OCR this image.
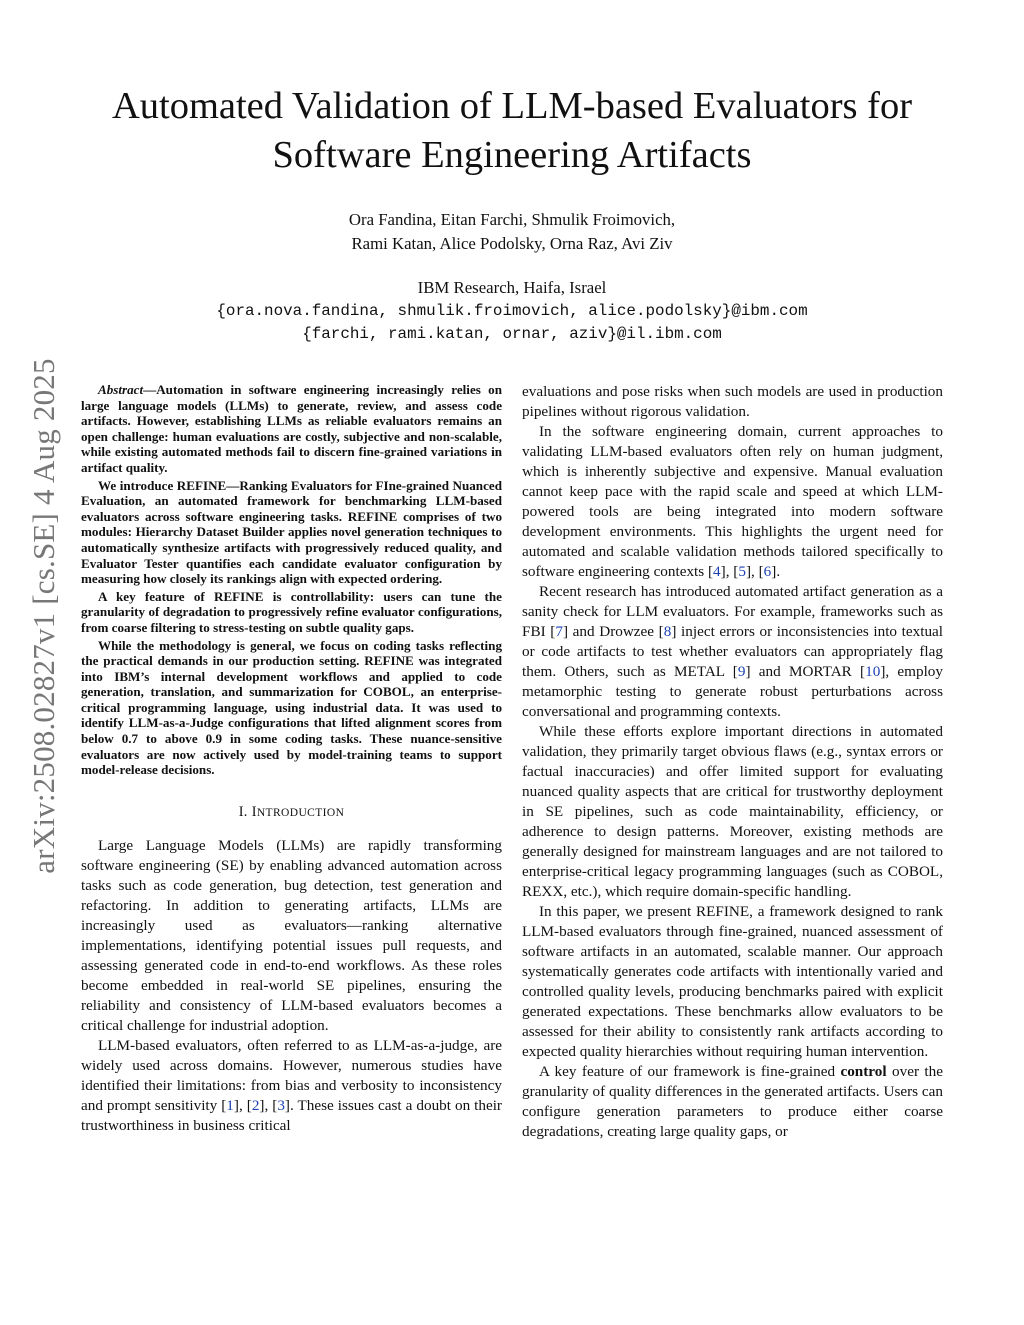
arXiv:2508.02827v1 [cs.SE] 4 Aug 2025
Automated Validation of LLM-based Evaluators for
Software Engineering Artifacts
Ora Fandina, Eitan Farchi, Shmulik Froimovich,
Rami Katan, Alice Podolsky, Orna Raz, Avi Ziv
IBM Research, Haifa, Israel
{ora.nova.fandina, shmulik.froimovich, alice.podolsky}@ibm.com
{farchi, rami.katan, ornar, aziv}@il.ibm.com

Abstract—Automation in software engineering increasingly relies on large language models (LLMs) to generate, review, and assess code artifacts. However, establishing LLMs as reliable evaluators remains an open challenge: human evaluations are costly, subjective and non-scalable, while existing automated methods fail to discern fine-grained variations in artifact quality.

We introduce REFINE—Ranking Evaluators for FIne-grained Nuanced Evaluation, an automated framework for benchmarking LLM-based evaluators across software engineering tasks. REFINE comprises of two modules: Hierarchy Dataset Builder applies novel generation techniques to automatically synthesize artifacts with progressively reduced quality, and Evaluator Tester quantifies each candidate evaluator configuration by measuring how closely its rankings align with expected ordering.

A key feature of REFINE is controllability: users can tune the granularity of degradation to progressively refine evaluator configurations, from coarse filtering to stress-testing on subtle quality gaps.

While the methodology is general, we focus on coding tasks reflecting the practical demands in our production setting. REFINE was integrated into IBM’s internal development workflows and applied to code generation, translation, and summarization for COBOL, an enterprise-critical programming language, using industrial data. It was used to identify LLM-as-a-Judge configurations that lifted alignment scores from below 0.7 to above 0.9 in some coding tasks. These nuance-sensitive evaluators are now actively used by model-training teams to support model-release decisions.

I. INTRODUCTION

Large Language Models (LLMs) are rapidly transforming software engineering (SE) by enabling advanced automation across tasks such as code generation, bug detection, test generation and refactoring. In addition to generating artifacts, LLMs are increasingly used as evaluators—ranking alternative implementations, identifying potential issues pull requests, and assessing generated code in end-to-end workflows. As these roles become embedded in real-world SE pipelines, ensuring the reliability and consistency of LLM-based evaluators becomes a critical challenge for industrial adoption.

LLM-based evaluators, often referred to as LLM-as-a-judge, are widely used across domains. However, numerous studies have identified their limitations: from bias and verbosity to inconsistency and prompt sensitivity [1], [2], [3]. These issues cast a doubt on their trustworthiness in business critical

evaluations and pose risks when such models are used in production pipelines without rigorous validation.

In the software engineering domain, current approaches to validating LLM-based evaluators often rely on human judgment, which is inherently subjective and expensive. Manual evaluation cannot keep pace with the rapid scale and speed at which LLM-powered tools are being integrated into modern software development environments. This highlights the urgent need for automated and scalable validation methods tailored specifically to software engineering contexts [4], [5], [6].

Recent research has introduced automated artifact generation as a sanity check for LLM evaluators. For example, frameworks such as FBI [7] and Drowzee [8] inject errors or inconsistencies into textual or code artifacts to test whether evaluators can appropriately flag them. Others, such as METAL [9] and MORTAR [10], employ metamorphic testing to generate robust perturbations across conversational and programming contexts.

While these efforts explore important directions in automated validation, they primarily target obvious flaws (e.g., syntax errors or factual inaccuracies) and offer limited support for evaluating nuanced quality aspects that are critical for trustworthy deployment in SE pipelines, such as code maintainability, efficiency, or adherence to design patterns. Moreover, existing methods are generally designed for mainstream languages and are not tailored to enterprise-critical legacy programming languages (such as COBOL, REXX, etc.), which require domain-specific handling.

In this paper, we present REFINE, a framework designed to rank LLM-based evaluators through fine-grained, nuanced assessment of software artifacts in an automated, scalable manner. Our approach systematically generates code artifacts with intentionally varied and controlled quality levels, producing benchmarks paired with explicit generated expectations. These benchmarks allow evaluators to be assessed for their ability to consistently rank artifacts according to expected quality hierarchies without requiring human intervention.

A key feature of our framework is fine-grained control over the granularity of quality differences in the generated artifacts. Users can configure generation parameters to produce either coarse degradations, creating large quality gaps, or
